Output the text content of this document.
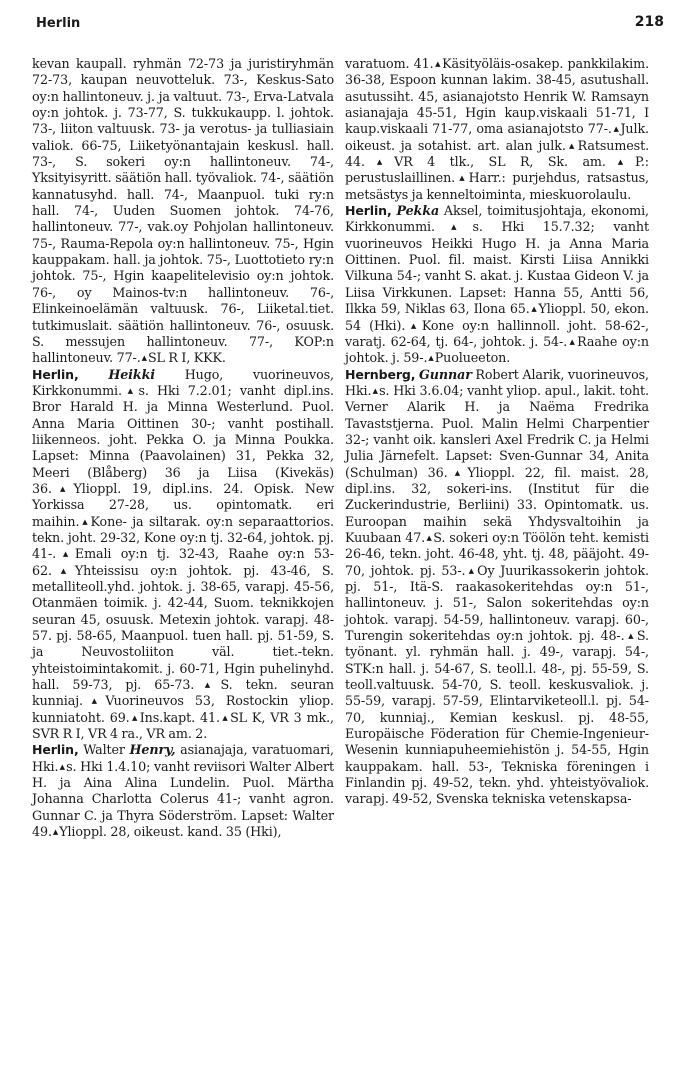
Herlin	218

kevan kaupall. ryhmän 72-73 ja juristiryhmän 72-73, kaupan neuvotteluk. 73-, Keskus-Sato oy:n hallintoneuv. j. ja valtuut. 73-, Erva-Latvala oy:n johtok. j. 73-77, S. tukkukaupp. l. johtok. 73-, liiton valtuusk. 73- ja verotus- ja tulliasiain valiok. 66-75, Liiketyönantajain keskusl. hall. 73-, S. sokeri oy:n hallintoneuv. 74-, Yksityisyritt. säätiön hall. työvaliok. 74-, säätiön kannatusyhd. hall. 74-, Maanpuol. tuki ry:n hall. 74-, Uuden Suomen johtok. 74-76, hallintoneuv. 77-, vak.oy Pohjolan hallintoneuv. 75-, Rauma-Repola oy:n hallintoneuv. 75-, Hgin kauppakam. hall. ja johtok. 75-, Luottotieto ry:n johtok. 75-, Hgin kaapelitelevisio oy:n johtok. 76-, oy Mainos-tv:n hallintoneuv. 76-, Elinkeinoelämän valtuusk. 76-, Liiketal.tiet. tutkimuslait. säätiön hallintoneuv. 76-, osuusk. S. messujen hallintoneuv. 77-, KOP:n hallintoneuv. 77-.▲SL R I, KKK.

Herlin, Heikki Hugo, vuorineuvos, Kirkkonummi.▲s. Hki 7.2.01; vanht dipl.ins. Bror Harald H. ja Minna Westerlund. Puol. Anna Maria Oittinen 30-; vanht postihall. liikenneos. joht. Pekka O. ja Minna Poukka. Lapset: Minna (Paavolainen) 31, Pekka 32, Meeri (Blåberg) 36 ja Liisa (Kivekäs) 36.▲Ylioppl. 19, dipl.ins. 24. Opisk. New Yorkissa 27-28, us. opintomatk. eri maihin.▲Kone- ja siltarak. oy:n separaattorios. tekn. joht. 29-32, Kone oy:n tj. 32-64, johtok. pj. 41-.▲Emali oy:n tj. 32-43, Raahe oy:n 53-62.▲Yhteissisu oy:n johtok. pj. 43-46, S. metalliteoll.yhd. johtok. j. 38-65, varapj. 45-56, Otanmäen toimik. j. 42-44, Suom. teknikkojen seuran 45, osuusk. Metexin johtok. varapj. 48-57. pj. 58-65, Maanpuol. tuen hall. pj. 51-59, S. ja Neuvostoliiton väl. tiet.-tekn. yhteistoimintakomit. j. 60-71, Hgin puhelinyhd. hall. 59-73, pj. 65-73.▲S. tekn. seuran kunniaj.▲Vuorineuvos 53, Rostockin yliop. kunniatoht. 69.▲Ins.kapt. 41.▲SL K, VR 3 mk., SVR R I, VR 4 ra., VR am. 2.

Herlin, Walter Henry, asianajaja, varatuomari, Hki.▲s. Hki 1.4.10; vanht reviisori Walter Albert H. ja Aina Alina Lundelin. Puol. Märtha Johanna Charlotta Colerus 41-; vanht agron. Gunnar C. ja Thyra Söderström. Lapset: Walter 49.▲Ylioppl. 28, oikeust. kand. 35 (Hki),

varatuom. 41.▲Käsityöläis-osakep. pankkilakim. 36-38, Espoon kunnan lakim. 38-45, asutushall. asutussiht. 45, asianajotsto Henrik W. Ramsayn asianajaja 45-51, Hgin kaup.viskaali 51-71, I kaup.viskaali 71-77, oma asianajotsto 77-.▲Julk. oikeust. ja sotahist. art. alan julk.▲Ratsumest. 44.▲VR 4 tlk., SL R, Sk. am.▲P.: perustuslaillinen.▲Harr.: purjehdus, ratsastus, metsästys ja kenneltoiminta, mieskuorolaulu.

Herlin, Pekka Aksel, toimitusjohtaja, ekonomi, Kirkkonummi.▲s. Hki 15.7.32; vanht vuorineuvos Heikki Hugo H. ja Anna Maria Oittinen. Puol. fil. maist. Kirsti Liisa Annikki Vilkuna 54-; vanht S. akat. j. Kustaa Gideon V. ja Liisa Virkkunen. Lapset: Hanna 55, Antti 56, Ilkka 59, Niklas 63, Ilona 65.▲Ylioppl. 50, ekon. 54 (Hki).▲Kone oy:n hallinnoll. joht. 58-62-, varatj. 62-64, tj. 64-, johtok. j. 54-.▲Raahe oy:n johtok. j. 59-.▲Puolueeton.

Hernberg, Gunnar Robert Alarik, vuorineuvos, Hki.▲s. Hki 3.6.04; vanht yliop. apul., lakit. toht. Verner Alarik H. ja Naëma Fredrika Tavaststjerna. Puol. Malin Helmi Charpentier 32-; vanht oik. kansleri Axel Fredrik C. ja Helmi Julia Järnefelt. Lapset: Sven-Gunnar 34, Anita (Schulman) 36.▲Ylioppl. 22, fil. maist. 28, dipl.ins. 32, sokeri-ins. (Institut für die Zuckerindustrie, Berliini) 33. Opintomatk. us. Euroopan maihin sekä Yhdysvaltoihin ja Kuubaan 47.▲S. sokeri oy:n Töölön teht. kemisti 26-46, tekn. joht. 46-48, yht. tj. 48, pääjoht. 49-70, johtok. pj. 53-.▲Oy Juurikassokerin johtok. pj. 51-, Itä-S. raakasokeritehdas oy:n 51-, hallintoneuv. j. 51-, Salon sokeritehdas oy:n johtok. varapj. 54-59, hallintoneuv. varapj. 60-, Turengin sokeritehdas oy:n johtok. pj. 48-.▲S. työnant. yl. ryhmän hall. j. 49-, varapj. 54-, STK:n hall. j. 54-67, S. teoll.l. 48-, pj. 55-59, S. teoll.valtuusk. 54-70, S. teoll. keskusvaliok. j. 55-59, varapj. 57-59, Elintarviketeoll.l. pj. 54-70, kunniaj., Kemian keskusl. pj. 48-55, Europäische Föderation für Chemie-Ingenieur-Wesenin kunniapuheemiehistön j. 54-55, Hgin kauppakam. hall. 53-, Tekniska föreningen i Finlandin pj. 49-52, tekn. yhd. yhteistyövaliok. varapj. 49-52, Svenska tekniska vetenskapsa-
